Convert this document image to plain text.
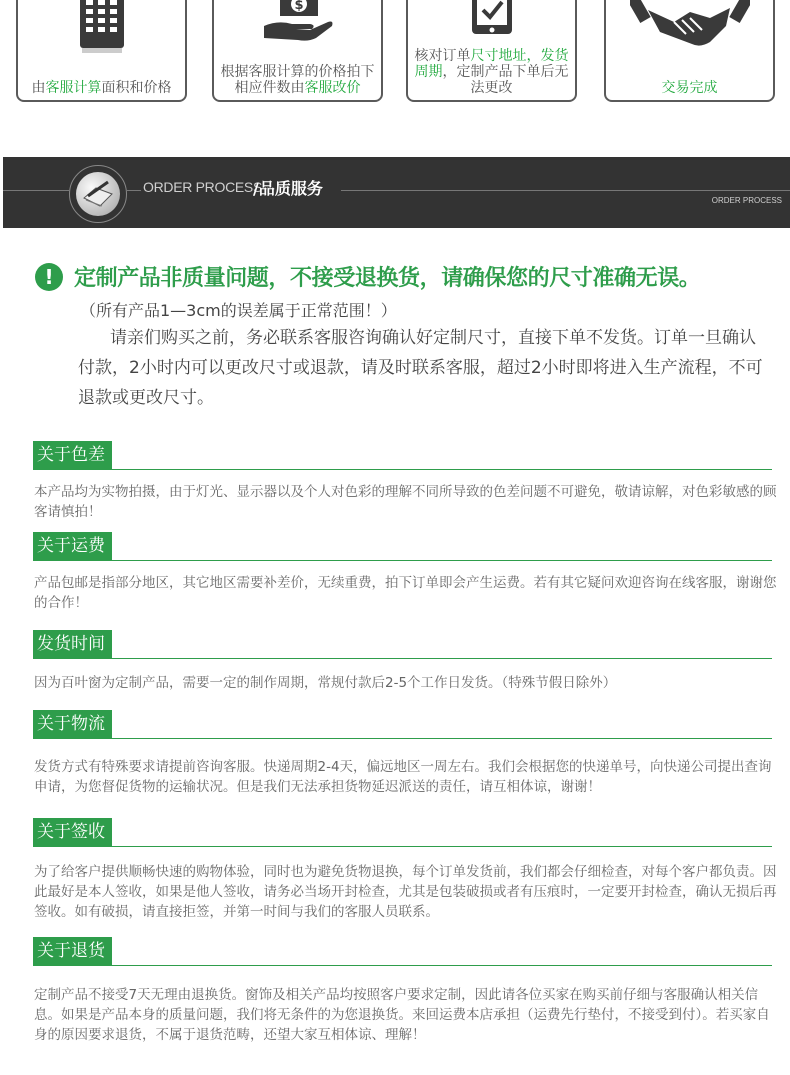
由客服计算面积和价格
$
根据客服计算的价格拍下相应件数由客服改价
核对订单尺寸地址，发货周期，定制产品下单后无法更改	交易完成
ORDER PROCESS
/品质服务
ORDER PROCESS
! 定制产品非质量问题，不接受退换货，请确保您的尺寸准确无误。
（所有产品1—3cm的误差属于正常范围！）
请亲们购买之前，务必联系客服咨询确认好定制尺寸，直接下单不发货。订单一旦确认付款，2小时内可以更改尺寸或退款，请及时联系客服，超过2小时即将进入生产流程，不可退款或更改尺寸。
关于色差
本产品均为实物拍摄，由于灯光、显示器以及个人对色彩的理解不同所导致的色差问题不可避免，敬请谅解，对色彩敏感的顾客请慎拍！
关于运费
产品包邮是指部分地区，其它地区需要补差价，无续重费，拍下订单即会产生运费。若有其它疑问欢迎咨询在线客服，谢谢您的合作！
发货时间
因为百叶窗为定制产品，需要一定的制作周期，常规付款后2-5个工作日发货。（特殊节假日除外）
关于物流
发货方式有特殊要求请提前咨询客服。快递周期2-4天，偏远地区一周左右。我们会根据您的快递单号，向快递公司提出查询申请，为您督促货物的运输状况。但是我们无法承担货物延迟派送的责任，请互相体谅，谢谢！
关于签收
为了给客户提供顺畅快速的购物体验，同时也为避免货物退换，每个订单发货前，我们都会仔细检查，对每个客户都负责。因此最好是本人签收，如果是他人签收，请务必当场开封检查，尤其是包装破损或者有压痕时，一定要开封检查，确认无损后再签收。如有破损，请直接拒签，并第一时间与我们的客服人员联系。
关于退货
定制产品不接受7天无理由退换货。窗饰及相关产品均按照客户要求定制，因此请各位买家在购买前仔细与客服确认相关信息。如果是产品本身的质量问题，我们将无条件的为您退换货。来回运费本店承担（运费先行垫付，不接受到付）。若买家自身的原因要求退货，不属于退货范畴，还望大家互相体谅、理解！
